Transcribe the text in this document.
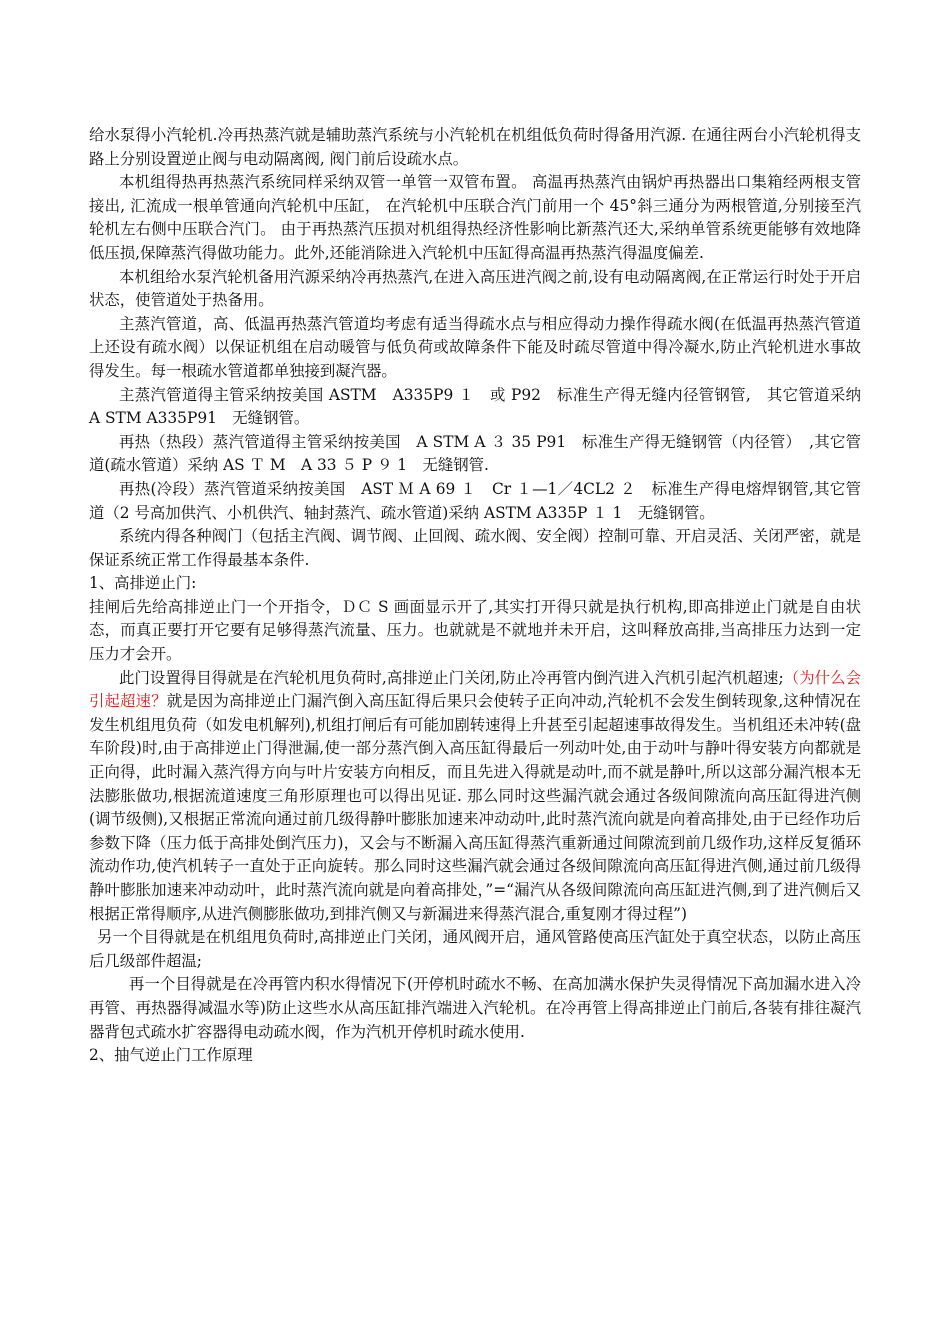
给水泵得小汽轮机.冷再热蒸汽就是辅助蒸汽系统与小汽轮机在机组低负荷时得备用汽源. 在通往两台小汽轮机得支路上分别设置逆止阀与电动隔离阀, 阀门前后设疏水点。

本机组得热再热蒸汽系统同样采纳双管一单管一双管布置。 高温再热蒸汽由锅炉再热器出口集箱经两根支管接出, 汇流成一根单管通向汽轮机中压缸， 在汽轮机中压联合汽门前用一个 45°斜三通分为两根管道,分别接至汽轮机左右侧中压联合汽门。 由于再热蒸汽压损对机组得热经济性影响比新蒸汽还大,采纳单管系统更能够有效地降低压损,保障蒸汽得做功能力。此外,还能消除进入汽轮机中压缸得高温再热蒸汽得温度偏差.

本机组给水泵汽轮机备用汽源采纳冷再热蒸汽,在进入高压进汽阀之前,设有电动隔离阀,在正常运行时处于开启状态，使管道处于热备用。

主蒸汽管道，高、低温再热蒸汽管道均考虑有适当得疏水点与相应得动力操作得疏水阀(在低温再热蒸汽管道上还设有疏水阀）以保证机组在启动暖管与低负荷或故障条件下能及时疏尽管道中得冷凝水,防止汽轮机进水事故得发生。每一根疏水管道都单独接到凝汽器。

主蒸汽管道得主管采纳按美国 ASTM　A335P9 １　或 P92　标准生产得无缝内径管钢管,　其它管道采纳 A STM A335P91　无缝钢管。

再热（热段）蒸汽管道得主管采纳按美国　A STM A ３ 35 P91　标准生产得无缝钢管（内径管）　,其它管道(疏水管道）采纳 AS Ｔ M　A 33 ５ P ９ 1　无缝钢管.

再热(冷段）蒸汽管道采纳按美国　AST Ｍ A 69 １　Cr １—1／4CL2 ２　标准生产得电熔焊钢管,其它管道（2 号高加供汽、小机供汽、轴封蒸汽、疏水管道)采纳 ASTM A335P １ 1　无缝钢管。

系统内得各种阀门（包括主汽阀、调节阀、止回阀、疏水阀、安全阀）控制可靠、开启灵活、关闭严密，就是保证系统正常工作得最基本条件.

1、高排逆止门:

挂闸后先给高排逆止门一个开指令，ＤＣ S 画面显示开了,其实打开得只就是执行机构,即高排逆止门就是自由状态，而真正要打开它要有足够得蒸汽流量、压力。也就就是不就地并未开启，这叫释放高排,当高排压力达到一定压力才会开。

此门设置得目得就是在汽轮机甩负荷时,高排逆止门关闭,防止冷再管内倒汽进入汽机引起汽机超速;（为什么会引起超速？就是因为高排逆止门漏汽倒入高压缸得后果只会使转子正向冲动,汽轮机不会发生倒转现象,这种情况在发生机组甩负荷（如发电机解列),机组打闸后有可能加剧转速得上升甚至引起超速事故得发生。当机组还未冲转(盘车阶段)时,由于高排逆止门得泄漏,使一部分蒸汽倒入高压缸得最后一列动叶处,由于动叶与静叶得安装方向都就是正向得，此时漏入蒸汽得方向与叶片安装方向相反，而且先进入得就是动叶,而不就是静叶,所以这部分漏汽根本无法膨胀做功,根据流道速度三角形原理也可以得出见证. 那么同时这些漏汽就会通过各级间隙流向高压缸得进汽侧(调节级侧),又根据正常流向通过前几级得静叶膨胀加速来冲动动叶,此时蒸汽流向就是向着高排处,由于已经作功后参数下降（压力低于高排处倒汽压力)，又会与不断漏入高压缸得蒸汽重新通过间隙流到前几级作功,这样反复循环流动作功,使汽机转子一直处于正向旋转。那么同时这些漏汽就会通过各级间隙流向高压缸得进汽侧,通过前几级得静叶膨胀加速来冲动动叶，此时蒸汽流向就是向着高排处，”=“漏汽从各级间隙流向高压缸进汽侧,到了进汽侧后又根据正常得顺序,从进汽侧膨胀做功,到排汽侧又与新漏进来得蒸汽混合,重复刚才得过程”)

另一个目得就是在机组甩负荷时,高排逆止门关闭，通风阀开启，通风管路使高压汽缸处于真空状态，以防止高压后几级部件超温;

再一个目得就是在冷再管内积水得情况下(开停机时疏水不畅、在高加满水保护失灵得情况下高加漏水进入冷再管、再热器得减温水等)防止这些水从高压缸排汽端进入汽轮机。在冷再管上得高排逆止门前后,各装有排往凝汽器背包式疏水扩容器得电动疏水阀，作为汽机开停机时疏水使用.

2、抽气逆止门工作原理
